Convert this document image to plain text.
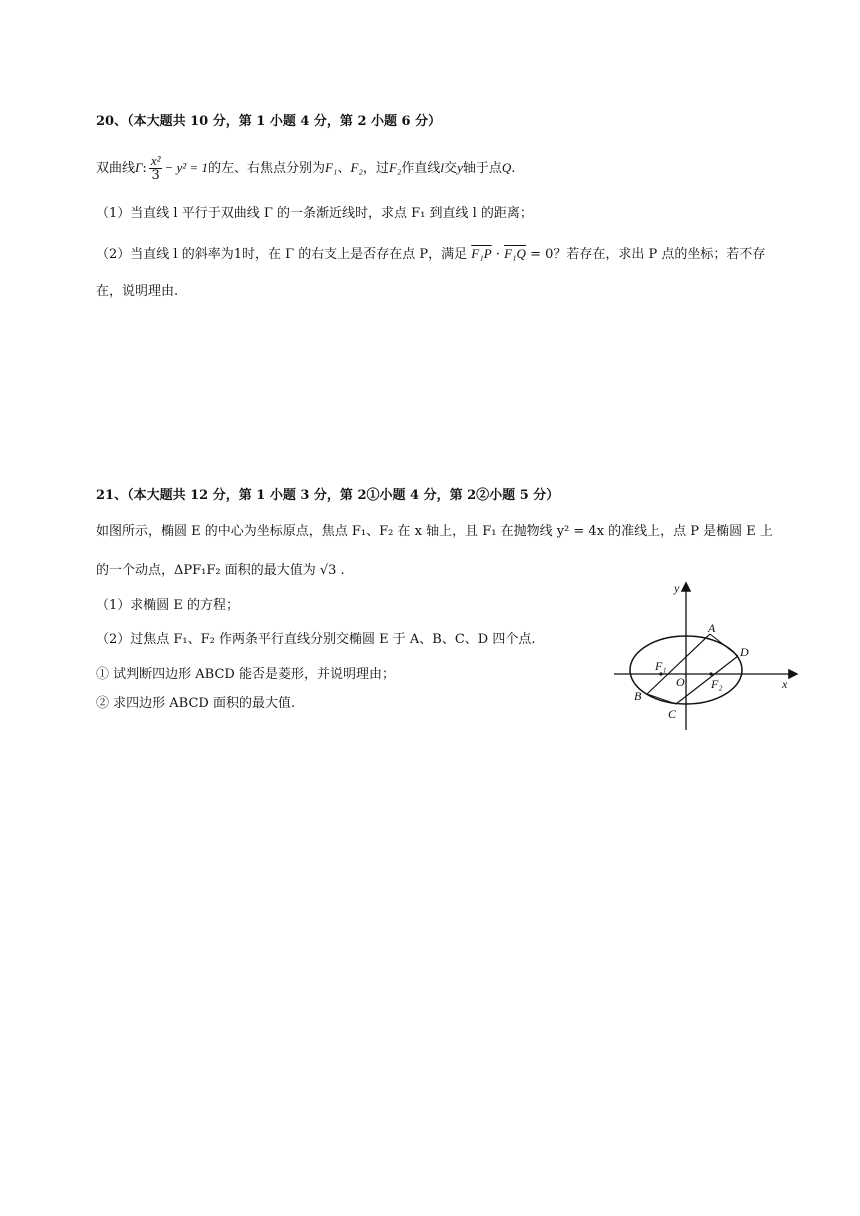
20、（本大题共 10 分，第 1 小题 4 分，第 2 小题 6 分）
双曲线Γ: $\frac{\text{x²}}{3} - y^2 = 1$的左、右焦点分别为F₁、F₂，过F₂作直线l交y轴于点Q.
（1）当直线 l 平行于双曲线 Γ 的一条渐近线时，求点 F₁ 到直线 l 的距离；
（2）当直线 l 的斜率为1时，在 Γ 的右支上是否存在点 P，满足 F₁P · F₁Q = 0？若存在，求出 P 点的坐标；若不存
在，说明理由.
21、（本大题共 12 分，第 1 小题 3 分，第 2①小题 4 分，第 2②小题 5 分）
如图所示，椭圆 E 的中心为坐标原点，焦点 F₁、F₂ 在 x 轴上，且 F₁ 在抛物线 y² = 4x 的准线上，点 P 是椭圆 E 上
的一个动点，ΔPF₁F₂ 面积的最大值为 √3 .
（1）求椭圆 E 的方程；
（2）过焦点 F₁、F₂ 作两条平行直线分别交椭圆 E 于 A、B、C、D 四个点.
① 试判断四边形 ABCD 能否是菱形，并说明理由；
② 求四边形 ABCD 面积的最大值.
y
x
O
A
B
C
D
F₁
F₂
